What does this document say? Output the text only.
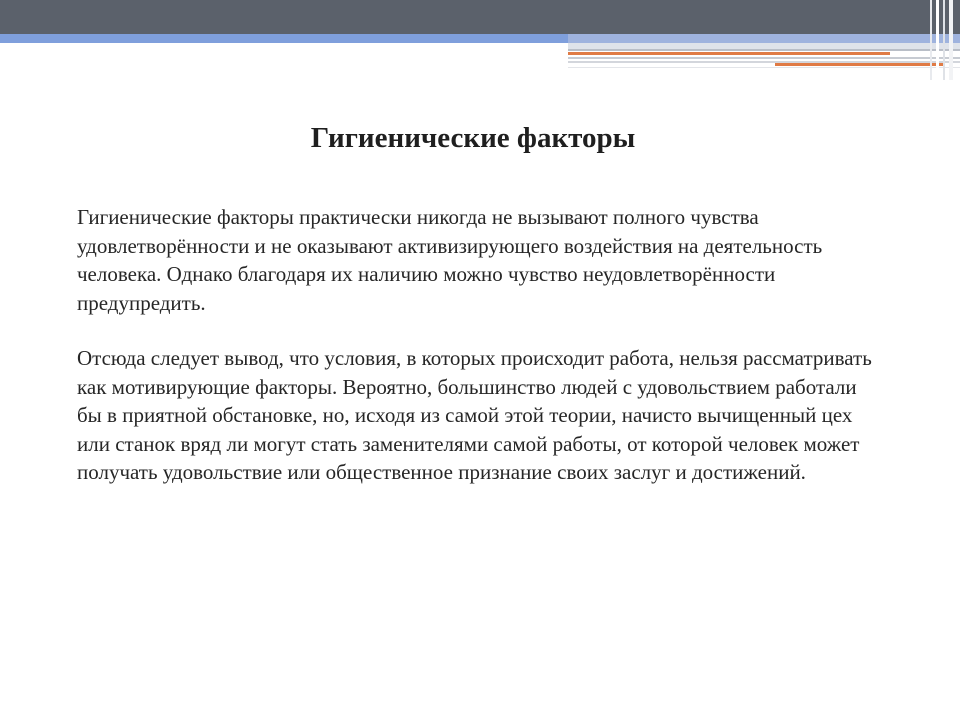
Гигиенические факторы

Гигиенические факторы практически никогда не вызывают полного чувства удовлетворённости и не оказывают активизирующего воздействия на деятельность человека. Однако благодаря их наличию можно чувство неудовлетворённости предупредить.

Отсюда следует вывод, что условия, в которых происходит работа, нельзя рассматривать как мотивирующие факторы. Вероятно, большинство людей с удовольствием работали бы в приятной обстановке, но, исходя из самой этой теории, начисто вычищенный цех или станок вряд ли могут стать заменителями самой работы, от которой человек может получать удовольствие или общественное признание своих заслуг и достижений.
